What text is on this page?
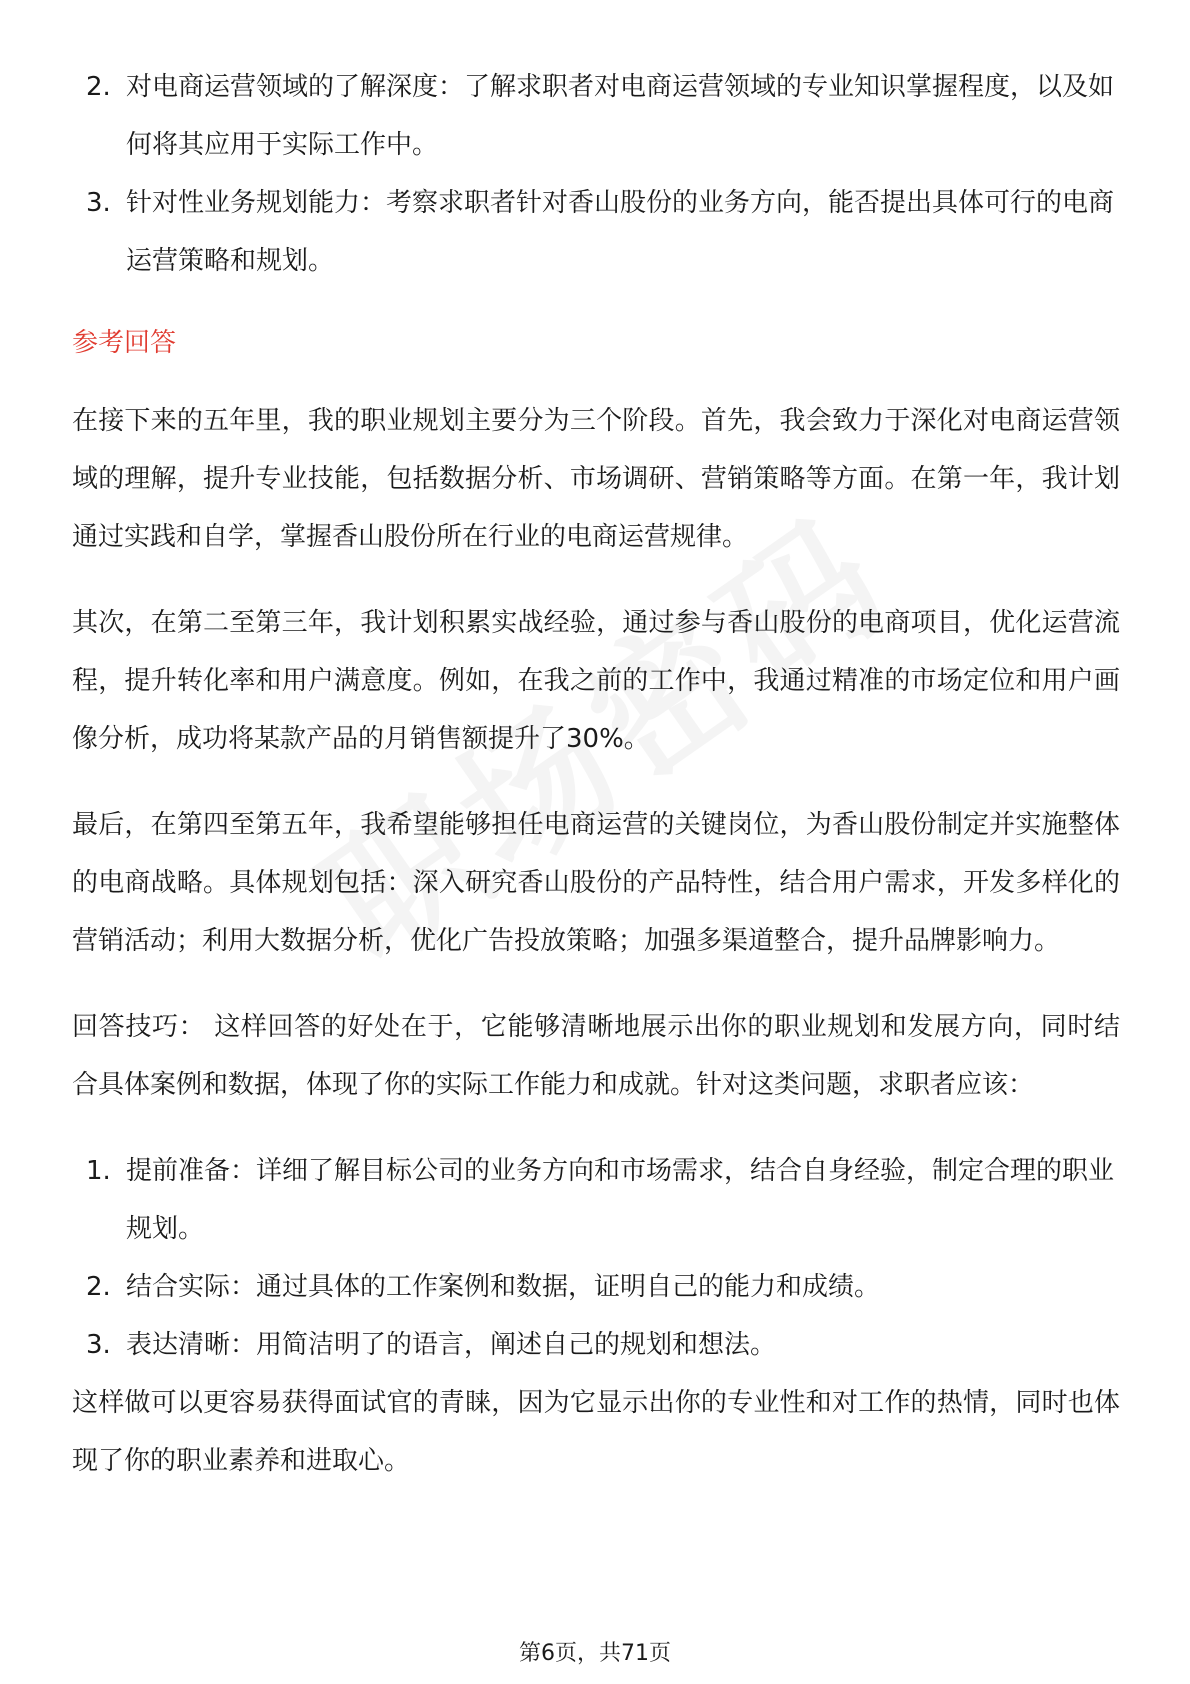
2. 对电商运营领域的了解深度：了解求职者对电商运营领域的专业知识掌握程度，以及如何将其应用于实际工作中。
3. 针对性业务规划能力：考察求职者针对香山股份的业务方向，能否提出具体可行的电商运营策略和规划。
参考回答

在接下来的五年里，我的职业规划主要分为三个阶段。首先，我会致力于深化对电商运营领域的理解，提升专业技能，包括数据分析、市场调研、营销策略等方面。在第一年，我计划通过实践和自学，掌握香山股份所在行业的电商运营规律。

其次，在第二至第三年，我计划积累实战经验，通过参与香山股份的电商项目，优化运营流程，提升转化率和用户满意度。例如，在我之前的工作中，我通过精准的市场定位和用户画像分析，成功将某款产品的月销售额提升了30%。

最后，在第四至第五年，我希望能够担任电商运营的关键岗位，为香山股份制定并实施整体的电商战略。具体规划包括：深入研究香山股份的产品特性，结合用户需求，开发多样化的营销活动；利用大数据分析，优化广告投放策略；加强多渠道整合，提升品牌影响力。

回答技巧： 这样回答的好处在于，它能够清晰地展示出你的职业规划和发展方向，同时结合具体案例和数据，体现了你的实际工作能力和成就。针对这类问题，求职者应该：

1. 提前准备：详细了解目标公司的业务方向和市场需求，结合自身经验，制定合理的职业规划。
2. 结合实际：通过具体的工作案例和数据，证明自己的能力和成绩。
3. 表达清晰：用简洁明了的语言，阐述自己的规划和想法。

这样做可以更容易获得面试官的青睐，因为它显示出你的专业性和对工作的热情，同时也体现了你的职业素养和进取心。

第6页，共71页
